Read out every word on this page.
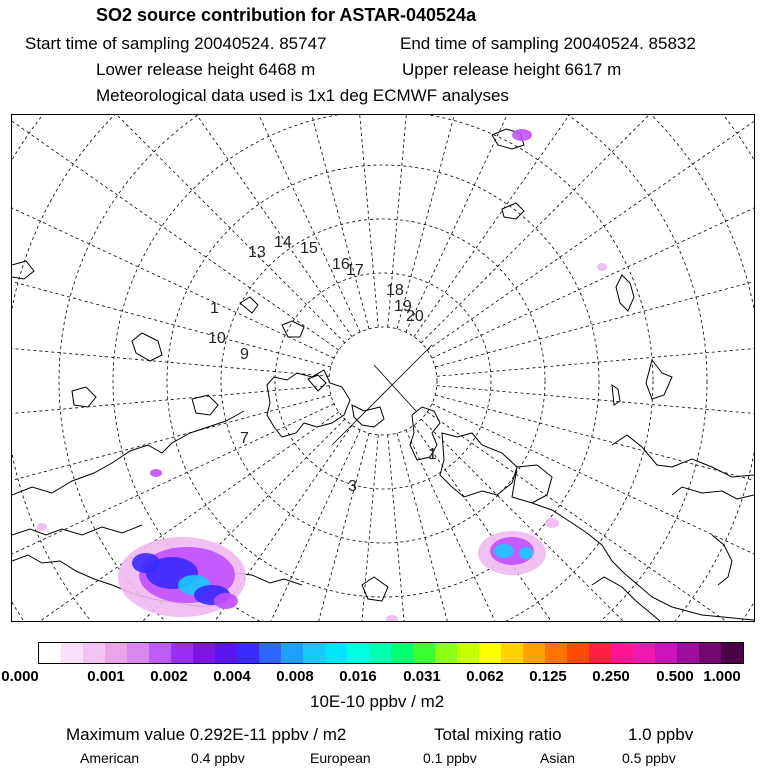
SO2 source contribution for ASTAR-040524a
Start time of sampling 20040524. 85747	End time of sampling 20040524. 85832
Lower release height 6468 m	Upper release height 6617 m
Meteorological data used is 1x1 deg ECMWF analyses
13
14 15
16
17
18
19
20
1
10
9
7
3
1
0.000	0.001 0.002 0.004 0.008 0.016 0.031 0.062 0.125 0.250 0.500 1.000
10E-10 ppbv / m2
Maximum value 0.292E-11 ppbv / m2	Total mixing ratio	1.0 ppbv
American	0.4 ppbv	European	0.1 ppbv	Asian	0.5 ppbv
